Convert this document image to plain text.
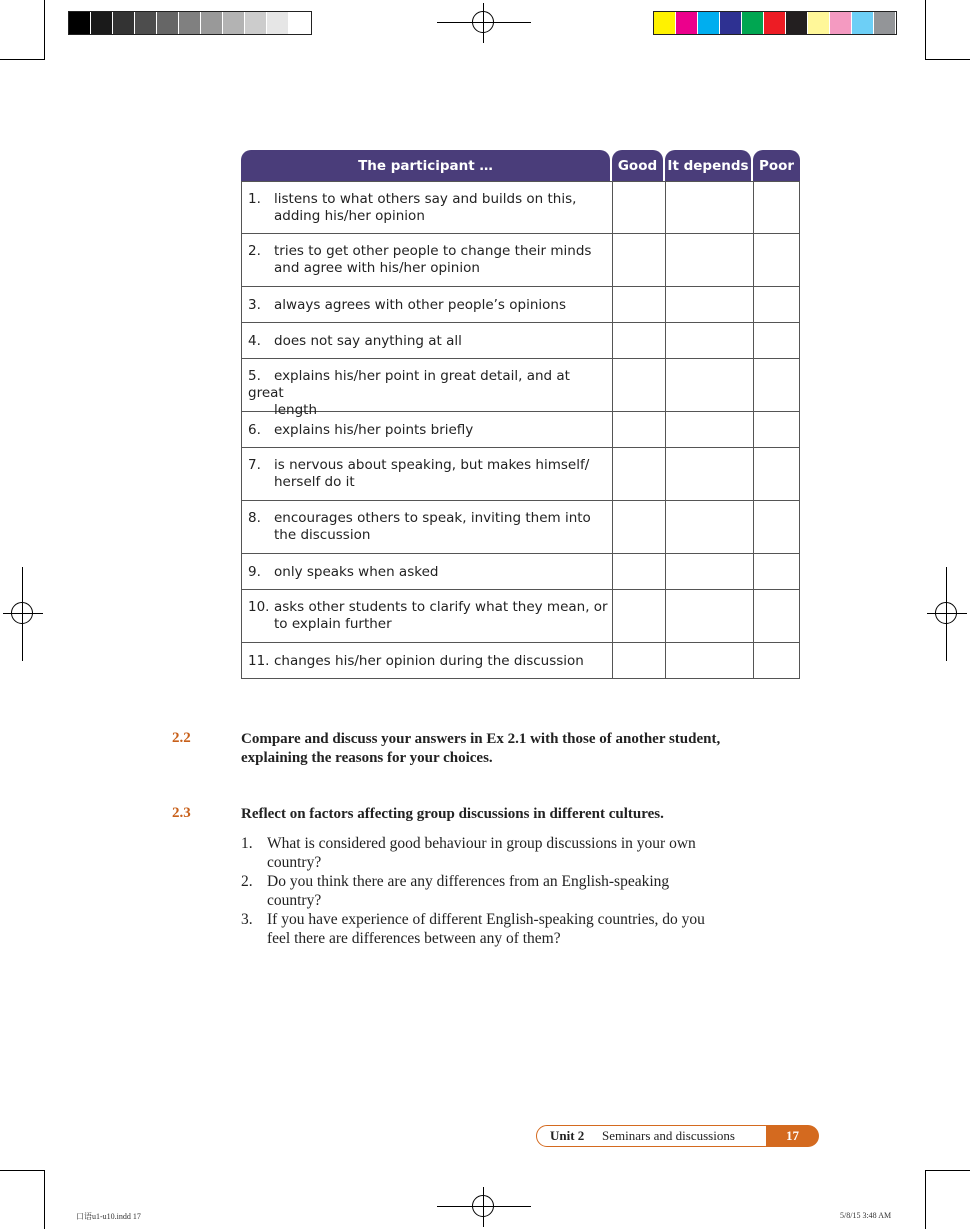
The participant …	Good It depends Poor
1. listens to what others say and builds on this,
adding his/her opinion
2. tries to get other people to change their minds
and agree with his/her opinion
3. always agrees with other people’s opinions
4. does not say anything at all
5. explains his/her point in great detail, and at great
length
6. explains his/her points briefly
7. is nervous about speaking, but makes himself/
herself do it
8. encourages others to speak, inviting them into
the discussion
9. only speaks when asked
10. asks other students to clarify what they mean, or
to explain further
11. changes his/her opinion during the discussion
2.2	Compare and discuss your answers in Ex 2.1 with those of another student,
explaining the reasons for your choices.
2.3	Reflect on factors affecting group discussions in different cultures.
1. What is considered good behaviour in group discussions in your own
country?
2. Do you think there are any differences from an English-speaking
country?
3. If you have experience of different English-speaking countries, do you
feel there are differences between any of them?
Unit 2 Seminars and discussions	17
口语u1-u10.indd 17	5/8/15 3:48 AM
